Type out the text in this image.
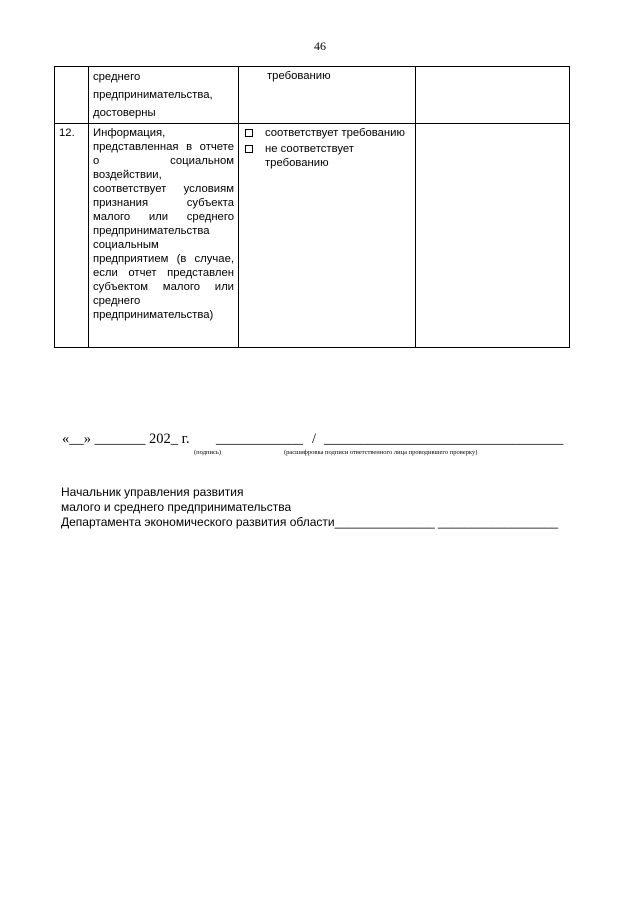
46

	среднего
предпринимательства,
достоверны	требованию	

12.	Информация, представленная в отчете о социальном воздействии, соответствует условиям признания субъекта малого или среднего предпринимательства социальным предприятием (в случае, если отчет представлен субъектом малого или среднего предпринимательства)	соответствует требованию
не соответствует требованию	

«__» _______ 202_ г. ____________ / _________________________________
(подпись)	(расшифровка подписи ответственного лица проводившего проверку)
Начальник управления развития
малого и среднего предпринимательства
Департамента экономического развития области_______________ __________________
